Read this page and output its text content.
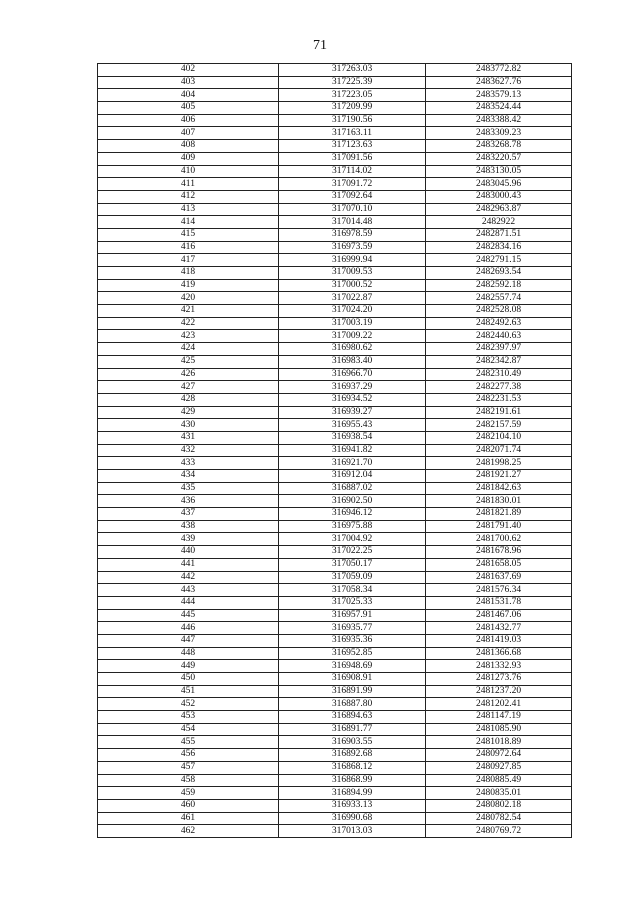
71
402	317263.03	2483772.82
403	317225.39	2483627.76
404	317223.05	2483579.13
405	317209.99	2483524.44
406	317190.56	2483388.42
407	317163.11	2483309.23
408	317123.63	2483268.78
409	317091.56	2483220.57
410	317114.02	2483130.05
411	317091.72	2483045.96
412	317092.64	2483000.43
413	317070.10	2482963.87
414	317014.48	2482922
415	316978.59	2482871.51
416	316973.59	2482834.16
417	316999.94	2482791.15
418	317009.53	2482693.54
419	317000.52	2482592.18
420	317022.87	2482557.74
421	317024.20	2482528.08
422	317003.19	2482492.63
423	317009.22	2482440.63
424	316980.62	2482397.97
425	316983.40	2482342.87
426	316966.70	2482310.49
427	316937.29	2482277.38
428	316934.52	2482231.53
429	316939.27	2482191.61
430	316955.43	2482157.59
431	316938.54	2482104.10
432	316941.82	2482071.74
433	316921.70	2481998.25
434	316912.04	2481921.27
435	316887.02	2481842.63
436	316902.50	2481830.01
437	316946.12	2481821.89
438	316975.88	2481791.40
439	317004.92	2481700.62
440	317022.25	2481678.96
441	317050.17	2481658.05
442	317059.09	2481637.69
443	317058.34	2481576.34
444	317025.33	2481531.78
445	316957.91	2481467.06
446	316935.77	2481432.77
447	316935.36	2481419.03
448	316952.85	2481366.68
449	316948.69	2481332.93
450	316908.91	2481273.76
451	316891.99	2481237.20
452	316887.80	2481202.41
453	316894.63	2481147.19
454	316891.77	2481085.90
455	316903.55	2481018.89
456	316892.68	2480972.64
457	316868.12	2480927.85
458	316868.99	2480885.49
459	316894.99	2480835.01
460	316933.13	2480802.18
461	316990.68	2480782.54
462	317013.03	2480769.72
